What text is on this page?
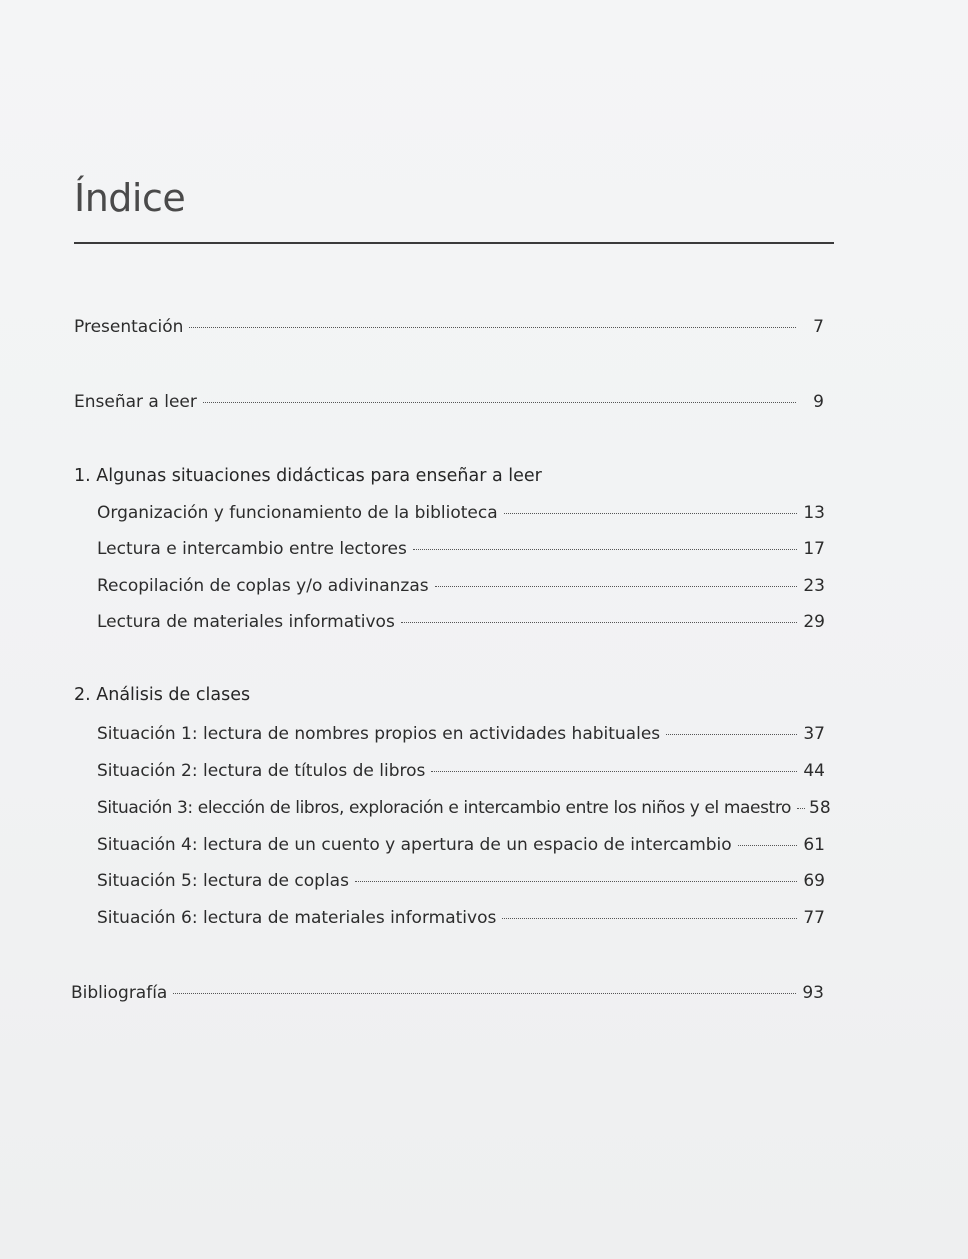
Índice
Presentación	7
Enseñar a leer	9
1. Algunas situaciones didácticas para enseñar a leer
Organización y funcionamiento de la biblioteca	13
Lectura e intercambio entre lectores	17
Recopilación de coplas y/o adivinanzas	23
Lectura de materiales informativos	29
2. Análisis de clases
Situación 1: lectura de nombres propios en actividades habituales	37
Situación 2: lectura de títulos de libros	44
Situación 3: elección de libros, exploración e intercambio entre los niños y el maestro 58
Situación 4: lectura de un cuento y apertura de un espacio de intercambio	61
Situación 5: lectura de coplas	69
Situación 6: lectura de materiales informativos	77
Bibliografía	93
